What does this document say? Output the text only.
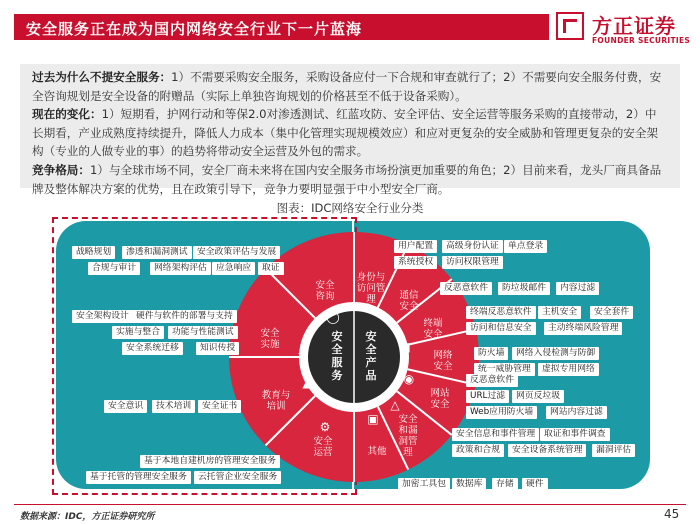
安全服务正在成为国内网络安全行业下一片蓝海	方正证券
FOUNDER SECURITIES

过去为什么不提安全服务：1）不需要采购安全服务，采购设备应付一下合规和审查就行了；2）不需要向安全服务付费，安全咨询规划是安全设备的附赠品（实际上单独咨询规划的价格甚至不低于设备采购）。

现在的变化：1）短期看，护网行动和等保2.0对渗透测试、红蓝攻防、安全评估、安全运营等服务采购的直接带动，2）中长期看，产业成熟度持续提升，降低人力成本（集中化管理实现规模效应）和应对更复杂的安全威胁和管理更复杂的安全架构（专业的人做专业的事）的趋势将带动安全运营及外包的需求。

竞争格局：1）与全球市场不同，安全厂商未来将在国内安全服务市场扮演更加重要的角色；2）目前来看，龙头厂商具备品牌及整体解决方案的优势，且在政策引导下，竞争力要明显强于中小型安全厂商。

图表：IDC网络安全行业分类
安全服务
安全产品
安全咨询
安全实施
教育与培训
安全运营
身份与访问管理	通信安全
终端安全
网络安全
网站安全
安全和漏洞管理
其他
◯
◆
▲
⚙
●
↯
■
◉
△
▣
战略规划	渗透和漏洞测试	安全政策评估与发展
合规与审计	网络架构评估	应急响应	取证
安全架构设计 硬件与软件的部署与支持
实施与整合	功能与性能测试
安全系统迁移	知识传授
安全意识	技术培训	安全证书
基于本地自建机房的管理安全服务
基于托管的管理安全服务	云托管企业安全服务
用户配置	高级身份认证	单点登录
系统授权	访问权限管理
反恶意软件	防垃圾邮件	内容过滤
终端反恶意软件	主机安全	安全套件
访问和信息安全	主动终端风险管理
防火墙	网络入侵检测与防御
统一威胁管理	虚拟专用网络
URL过滤	网页反垃圾
Web应用防火墙	网站内容过滤
安全信息和事件管理	取证和事件调查
政策和合规	安全设备系统管理	漏洞评估
加密工具包	数据库	存储	硬件
反恶意软件
数据来源：IDC，方正证券研究所	45
